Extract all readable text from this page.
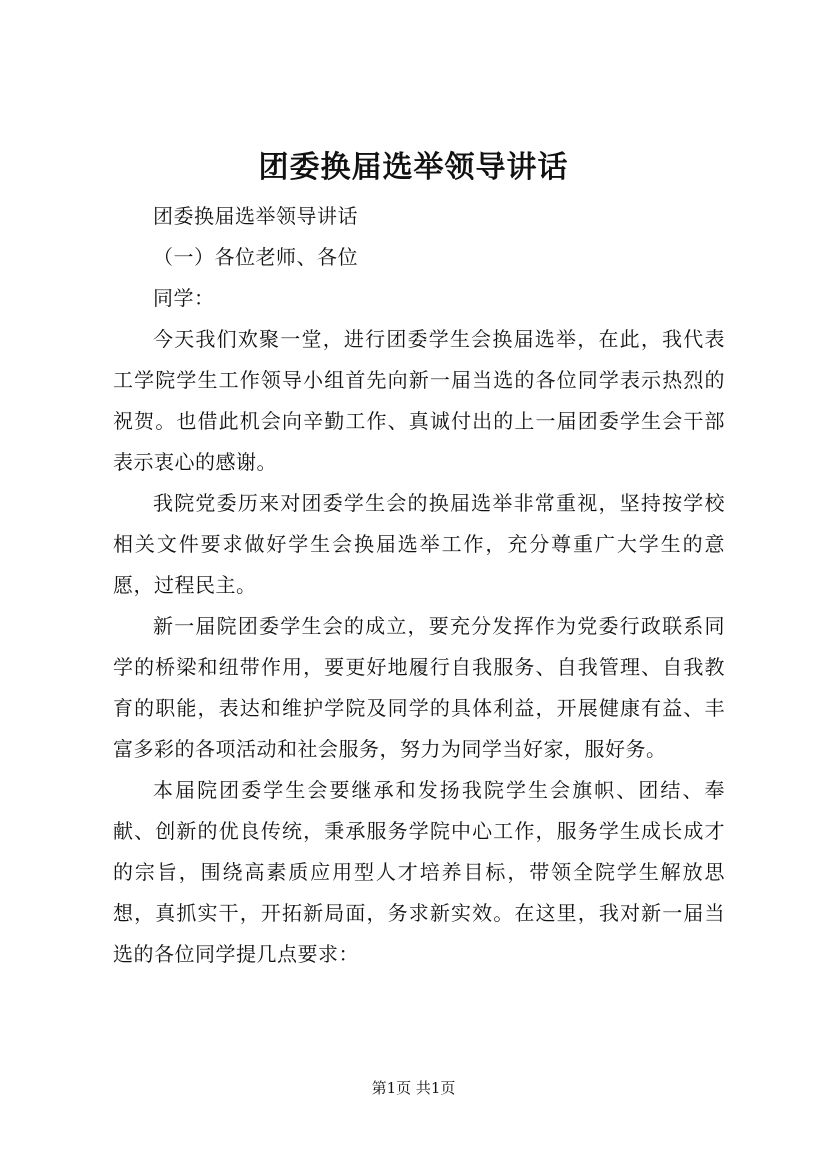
团委换届选举领导讲话

团委换届选举领导讲话

（一）各位老师、各位

同学：

今天我们欢聚一堂，进行团委学生会换届选举，在此，我代表工学院学生工作领导小组首先向新一届当选的各位同学表示热烈的祝贺。也借此机会向辛勤工作、真诚付出的上一届团委学生会干部表示衷心的感谢。

我院党委历来对团委学生会的换届选举非常重视，坚持按学校相关文件要求做好学生会换届选举工作，充分尊重广大学生的意愿，过程民主。

新一届院团委学生会的成立，要充分发挥作为党委行政联系同学的桥梁和纽带作用，要更好地履行自我服务、自我管理、自我教育的职能，表达和维护学院及同学的具体利益，开展健康有益、丰富多彩的各项活动和社会服务，努力为同学当好家，服好务。

本届院团委学生会要继承和发扬我院学生会旗帜、团结、奉献、创新的优良传统，秉承服务学院中心工作，服务学生成长成才的宗旨，围绕高素质应用型人才培养目标，带领全院学生解放思想，真抓实干，开拓新局面，务求新实效。在这里，我对新一届当选的各位同学提几点要求：

第1页 共1页
